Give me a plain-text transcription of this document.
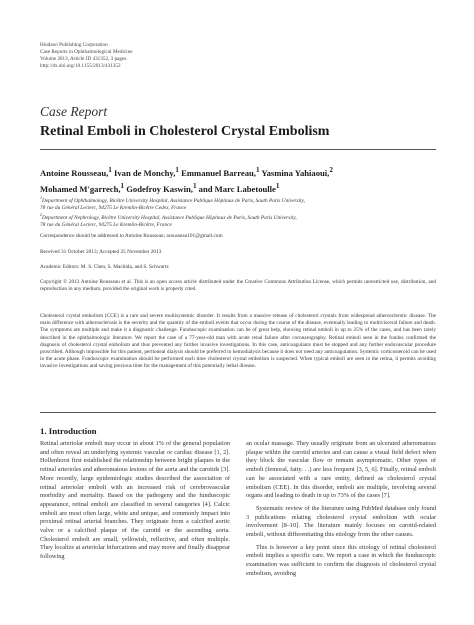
Hindawi Publishing Corporation
Case Reports in Ophthalmological Medicine
Volume 2013, Article ID 431352, 3 pages
http://dx.doi.org/10.1155/2013/431352
Case Report
Retinal Emboli in Cholesterol Crystal Embolism
Antoine Rousseau,$^1$ Ivan de Monchy,$^1$ Emmanuel Barreau,$^1$ Yasmina Yahiaoui,$^2$
Mohamed M'garrech,$^1$ Godefroy Kaswin,$^1$ and Marc Labetoulle$^1$
$^1$Department of Ophthalmology, Bicêtre University Hospital, Assistance Publique Hôpitaux de Paris, South Paris University,
78 rue du Général Leclerc, 94275 Le Kremlin-Bicêtre Cedex, France
$^2$Department of Nephrology, Bicêtre University Hospital, Assistance Publique Hôpitaux de Paris, South Paris University,
78 rue du Général Leclerc, 94275 Le Kremlin-Bicêtre, France
Correspondence should be addressed to Antoine Rousseau; arousseau101@gmail.com
Received 31 October 2013; Accepted 25 November 2013
Academic Editors: M. S. Chen, S. Machida, and S. Schwartz

Copyright © 2013 Antoine Rousseau et al. This is an open access article distributed under the Creative Commons Attribution License, which permits unrestricted use, distribution, and reproduction in any medium, provided the original work is properly cited.

Cholesterol crystal embolism (CCE) is a rare and severe multisystemic disorder. It results from a massive release of cholesterol crystals from widespread atherosclerotic disease. The main difference with atherosclerosis is the severity and the quantity of the emboli events that occur during the course of the disease, eventually leading to multivisceral failure and death. The symptoms are multiple and make it a diagnostic challenge. Funduscopic examination can be of great help, showing retinal emboli in up to 25% of the cases, and has been rarely described in the ophthalmologic literature. We report the case of a 77-year-old man with acute renal failure after coronarography. Retinal emboli seen in the fundus confirmed the diagnosis of cholesterol crystal embolism and thus prevented any further invasive investigations. In this case, anticoagulants must be stopped and any further endovascular procedure proscribed. Although impossible for this patient, peritoneal dialysis should be preferred to hemodialysis because it does not need any anticoagulation. Systemic corticosteroid can be used in the acute phase. Funduscopic examination should be performed each time cholesterol crystal embolism is suspected. When typical emboli are seen in the retina, it permits avoiding invasive investigations and saving precious time for the management of this potentially lethal disease.

1. Introduction

Retinal arteriolar emboli may occur in about 1% of the general population and often reveal an underlying systemic vascular or cardiac disease [1, 2]. Hollenhorst first established the relationship between bright plaques in the retinal arterioles and atheromatous lesions of the aorta and the carotids [3]. More recently, large epidemiologic studies described the association of retinal arteriolar emboli with an increased risk of cerebrovascular morbidity and mortality. Based on the pathogeny and the funduscopic appearance, retinal emboli are classified in several categories [4]. Calcic emboli are most often large, white and unique, and commonly impact into proximal retinal arterial branches. They originate from a calcified aortic valve or a calcified plaque of the carotid or the ascending aorta. Cholesterol emboli are small, yellowish, reflective, and often multiple. They localize at arteriolar bifurcations and may move and finally disappear following

an ocular massage. They usually originate from an ulcerated atheromatous plaque within the carotid arteries and can cause a visual field defect when they block the vascular flow or remain asymptomatic. Other types of emboli (femoral, fatty. . .) are less frequent [3, 5, 6]. Finally, retinal emboli can be associated with a rare entity, defined as cholesterol crystal embolism (CEE). In this disorder, emboli are multiple, involving several organs and leading to death in up to 73% of the cases [7].

Systematic review of the literature using PubMed database only found 3 publications relating cholesterol crystal embolism with ocular involvement [8–10]. The literature mainly focuses on carotid-related emboli, without differentiating this etiology from the other causes.

This is however a key point since this etiology of retinal cholesterol emboli implies a specific care. We report a case in which the funduscopic examination was sufficient to confirm the diagnosis of cholesterol crystal embolism, avoiding
